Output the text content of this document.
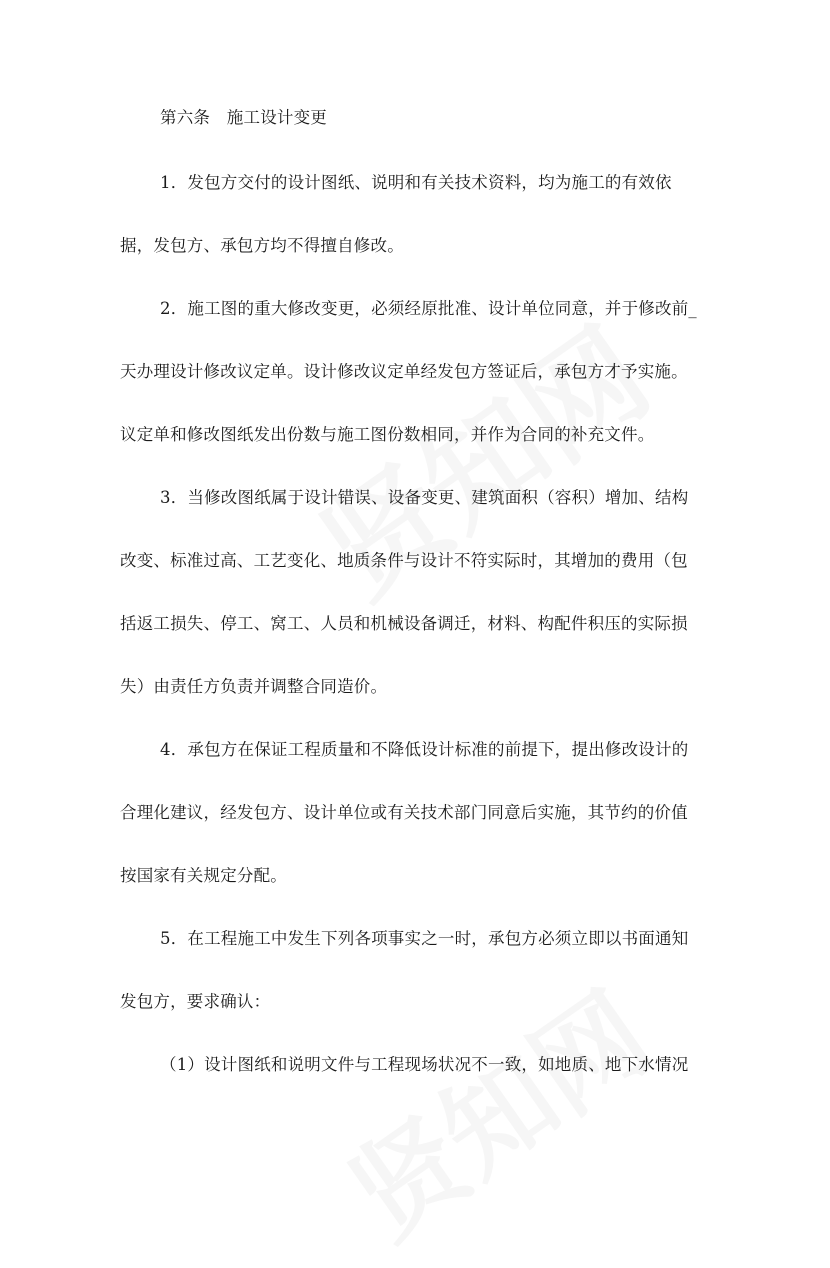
第六条　施工设计变更

1．发包方交付的设计图纸、说明和有关技术资料，均为施工的有效依

据，发包方、承包方均不得擅自修改。

2．施工图的重大修改变更，必须经原批准、设计单位同意，并于修改前_

天办理设计修改议定单。设计修改议定单经发包方签证后，承包方才予实施。

议定单和修改图纸发出份数与施工图份数相同，并作为合同的补充文件。

3．当修改图纸属于设计错误、设备变更、建筑面积（容积）增加、结构

改变、标准过高、工艺变化、地质条件与设计不符实际时，其增加的费用（包

括返工损失、停工、窝工、人员和机械设备调迁，材料、构配件积压的实际损

失）由责任方负责并调整合同造价。

4．承包方在保证工程质量和不降低设计标准的前提下，提出修改设计的

合理化建议，经发包方、设计单位或有关技术部门同意后实施，其节约的价值

按国家有关规定分配。

5．在工程施工中发生下列各项事实之一时，承包方必须立即以书面通知

发包方，要求确认：

（1）设计图纸和说明文件与工程现场状况不一致，如地质、地下水情况
